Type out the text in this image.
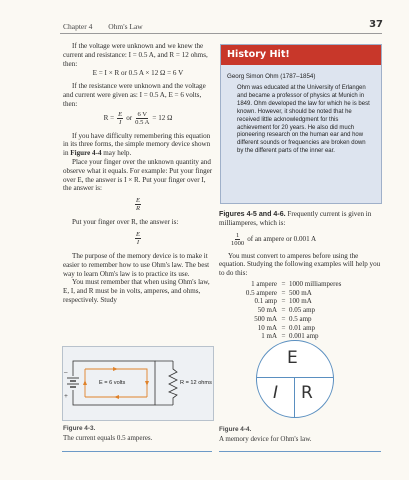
Chapter 4 Ohm's Law	37

If the voltage were unknown and we knew the current and resistance: I = 0.5 A, and R = 12 ohms, then:

E = I × R or 0.5 A × 12 Ω = 6 V

If the resistance were unknown and the voltage and current were given as: I = 0.5 A, E = 6 volts, then:

$R = \frac{E}{I}$ or $\frac{6 V}{0.5 A} = 12$ Ω

If you have difficulty remembering this equation in its three forms, the simple memory device shown in Figure 4-4 may help.

Place your finger over the unknown quantity and observe what it equals. For example: Put your finger over E, the answer is I × R. Put your finger over I, the answer is:

$\frac{E}{R}$

Put your finger over R, the answer is:

$\frac{E}{I}$

The purpose of the memory device is to make it easier to remember how to use Ohm's law. The best way to learn Ohm's law is to practice its use.

You must remember that when using Ohm's law, E, I, and R must be in volts, amperes, and ohms, respectively. Study

E = 6 volts	R = 12 ohms
–
+
Figure 4-3.
The current equals 0.5 amperes.
History Hit!
Georg Simon Ohm (1787–1854)
Ohm was educated at the University of Erlangen and became a professor of physics at Munich in 1849. Ohm developed the law for which he is best known. However, it should be noted that he received little acknowledgment for this achievement for 20 years. He also did much pioneering research on the human ear and how different sounds or frequencies are broken down by the different parts of the inner ear.

Figures 4-5 and 4-6. Frequently current is given in milliamperes, which is:

$\frac{1}{1000}$ of an ampere or 0.001 A

You must convert to amperes before using the equation. Studying the following examples will help you to do this:

1 ampere = 1000 milliamperes
0.5 ampere = 500 mA
0.1 amp = 100 mA
50 mA = 0.05 amp
500 mA = 0.5 amp
10 mA = 0.01 amp
1 mA = 0.001 amp
E
I R
Figure 4-4.
A memory device for Ohm's law.
